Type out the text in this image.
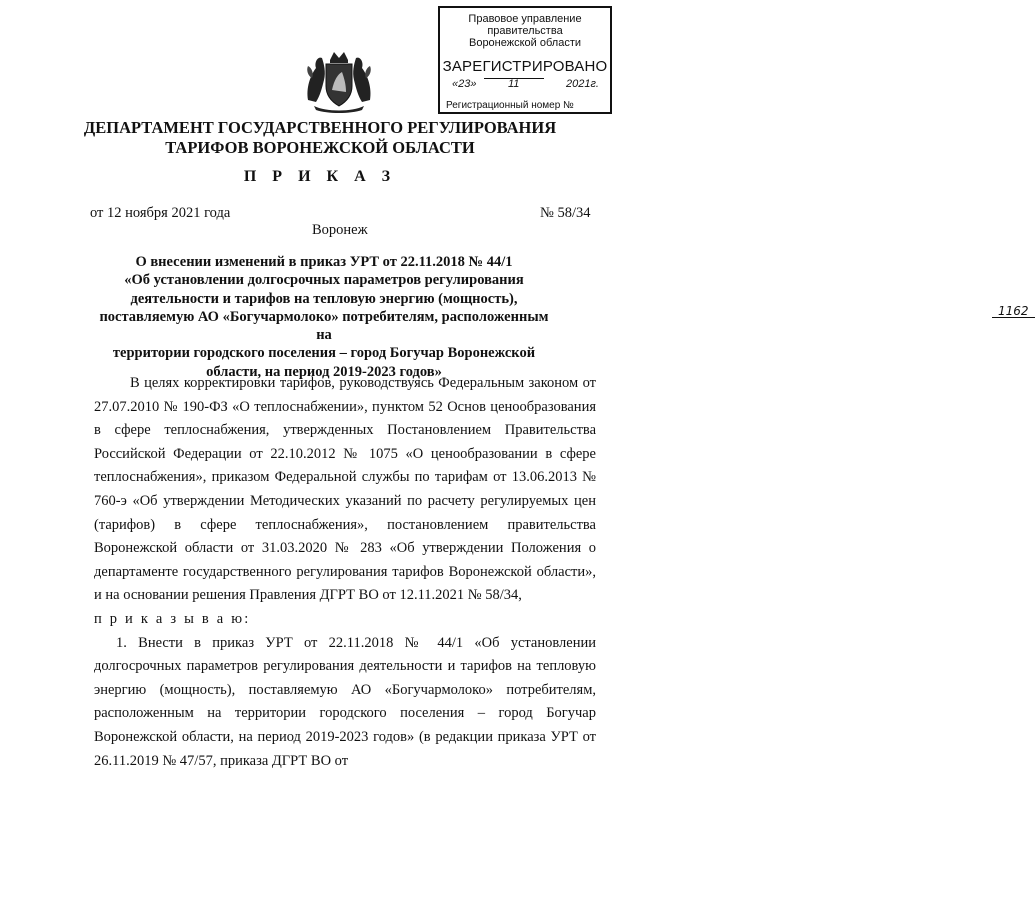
Правовое управление правительства
Воронежской области
ЗАРЕГИСТРИРОВАНО
«23»	11	2021г.
Регистрационный номер №
1162
ДЕПАРТАМЕНТ ГОСУДАРСТВЕННОГО РЕГУЛИРОВАНИЯ
ТАРИФОВ ВОРОНЕЖСКОЙ ОБЛАСТИ
П Р И К А З
от 12 ноября 2021 года	№ 58/34
Воронеж
О внесении изменений в приказ УРТ от 22.11.2018 № 44/1
«Об установлении долгосрочных параметров регулирования
деятельности и тарифов на тепловую энергию (мощность),
поставляемую АО «Богучармолоко» потребителям, расположенным на
территории городского поселения – город Богучар Воронежской
области, на период 2019-2023 годов»

В целях корректировки тарифов, руководствуясь Федеральным законом от 27.07.2010 № 190-ФЗ «О теплоснабжении», пунктом 52 Основ ценообразования в сфере теплоснабжения, утвержденных Постановлением Правительства Российской Федерации от 22.10.2012 № 1075 «О ценообразовании в сфере теплоснабжения», приказом Федеральной службы по тарифам от 13.06.2013 № 760-э «Об утверждении Методических указаний по расчету регулируемых цен (тарифов) в сфере теплоснабжения», постановлением правительства Воронежской области от 31.03.2020 № 283 «Об утверждении Положения о департаменте государственного регулирования тарифов Воронежской области», и на основании решения Правления ДГРТ ВО от 12.11.2021 № 58/34,

п р и к а з ы в а ю:

1. Внести в приказ УРТ от 22.11.2018 № 44/1 «Об установлении долгосрочных параметров регулирования деятельности и тарифов на тепловую энергию (мощность), поставляемую АО «Богучармолоко» потребителям, расположенным на территории городского поселения – город Богучар Воронежской области, на период 2019-2023 годов» (в редакции приказа УРТ от 26.11.2019 № 47/57, приказа ДГРТ ВО от
